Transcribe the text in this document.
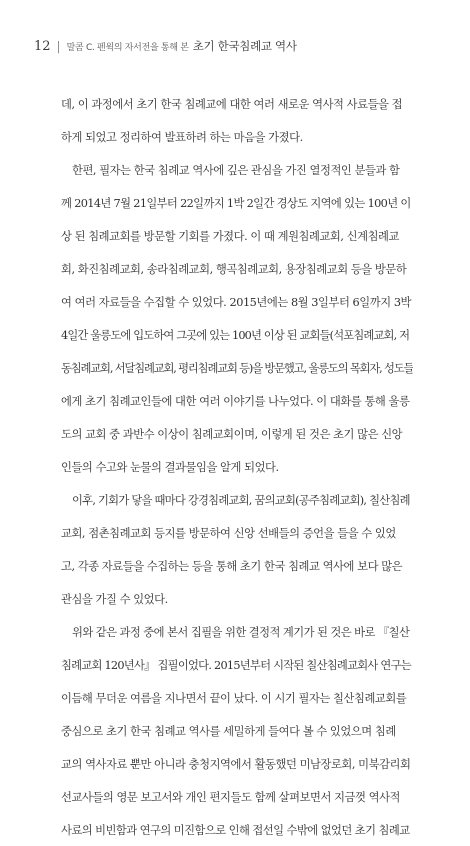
12 | 말콤 C. 펜윅의 자서전을 통해 본 초기 한국침례교 역사
데, 이 과정에서 초기 한국 침례교에 대한 여러 새로운 역사적 사료들을 접
하게 되었고 정리하여 발표하려 하는 마음을 가졌다.
한편, 필자는 한국 침례교 역사에 깊은 관심을 가진 열정적인 분들과 함
께 2014년 7월 21일부터 22일까지 1박 2일간 경상도 지역에 있는 100년 이
상 된 침례교회를 방문할 기회를 가졌다. 이 때 계원침례교회, 신계침례교
회, 화진침례교회, 송라침례교회, 행곡침례교회, 용장침례교회 등을 방문하
여 여러 자료들을 수집할 수 있었다. 2015년에는 8월 3일부터 6일까지 3박
4일간 울릉도에 입도하여 그곳에 있는 100년 이상 된 교회들(석포침례교회, 저
동침례교회, 서달침례교회, 평리침례교회 등)을 방문했고, 울릉도의 목회자, 성도들
에게 초기 침례교인들에 대한 여러 이야기를 나누었다. 이 대화를 통해 울릉
도의 교회 중 과반수 이상이 침례교회이며, 이렇게 된 것은 초기 많은 신앙
인들의 수고와 눈물의 결과물임을 알게 되었다.
이후, 기회가 닿을 때마다 강경침례교회, 꿈의교회(공주침례교회), 칠산침례
교회, 점촌침례교회 등지를 방문하여 신앙 선배들의 증언을 들을 수 있었
고, 각종 자료들을 수집하는 등을 통해 초기 한국 침례교 역사에 보다 많은
관심을 가질 수 있었다.
위와 같은 과정 중에 본서 집필을 위한 결정적 계기가 된 것은 바로 『칠산
침례교회 120년사』 집필이었다. 2015년부터 시작된 칠산침례교회사 연구는
이듬해 무더운 여름을 지나면서 끝이 났다. 이 시기 필자는 칠산침례교회를
중심으로 초기 한국 침례교 역사를 세밀하게 들여다 볼 수 있었으며 침례
교의 역사자료 뿐만 아니라 충청지역에서 활동했던 미남장로회, 미북감리회
선교사들의 영문 보고서와 개인 편지들도 함께 살펴보면서 지금껏 역사적
사료의 비빈함과 연구의 미진함으로 인해 접선일 수밖에 없었던 초기 침례교
